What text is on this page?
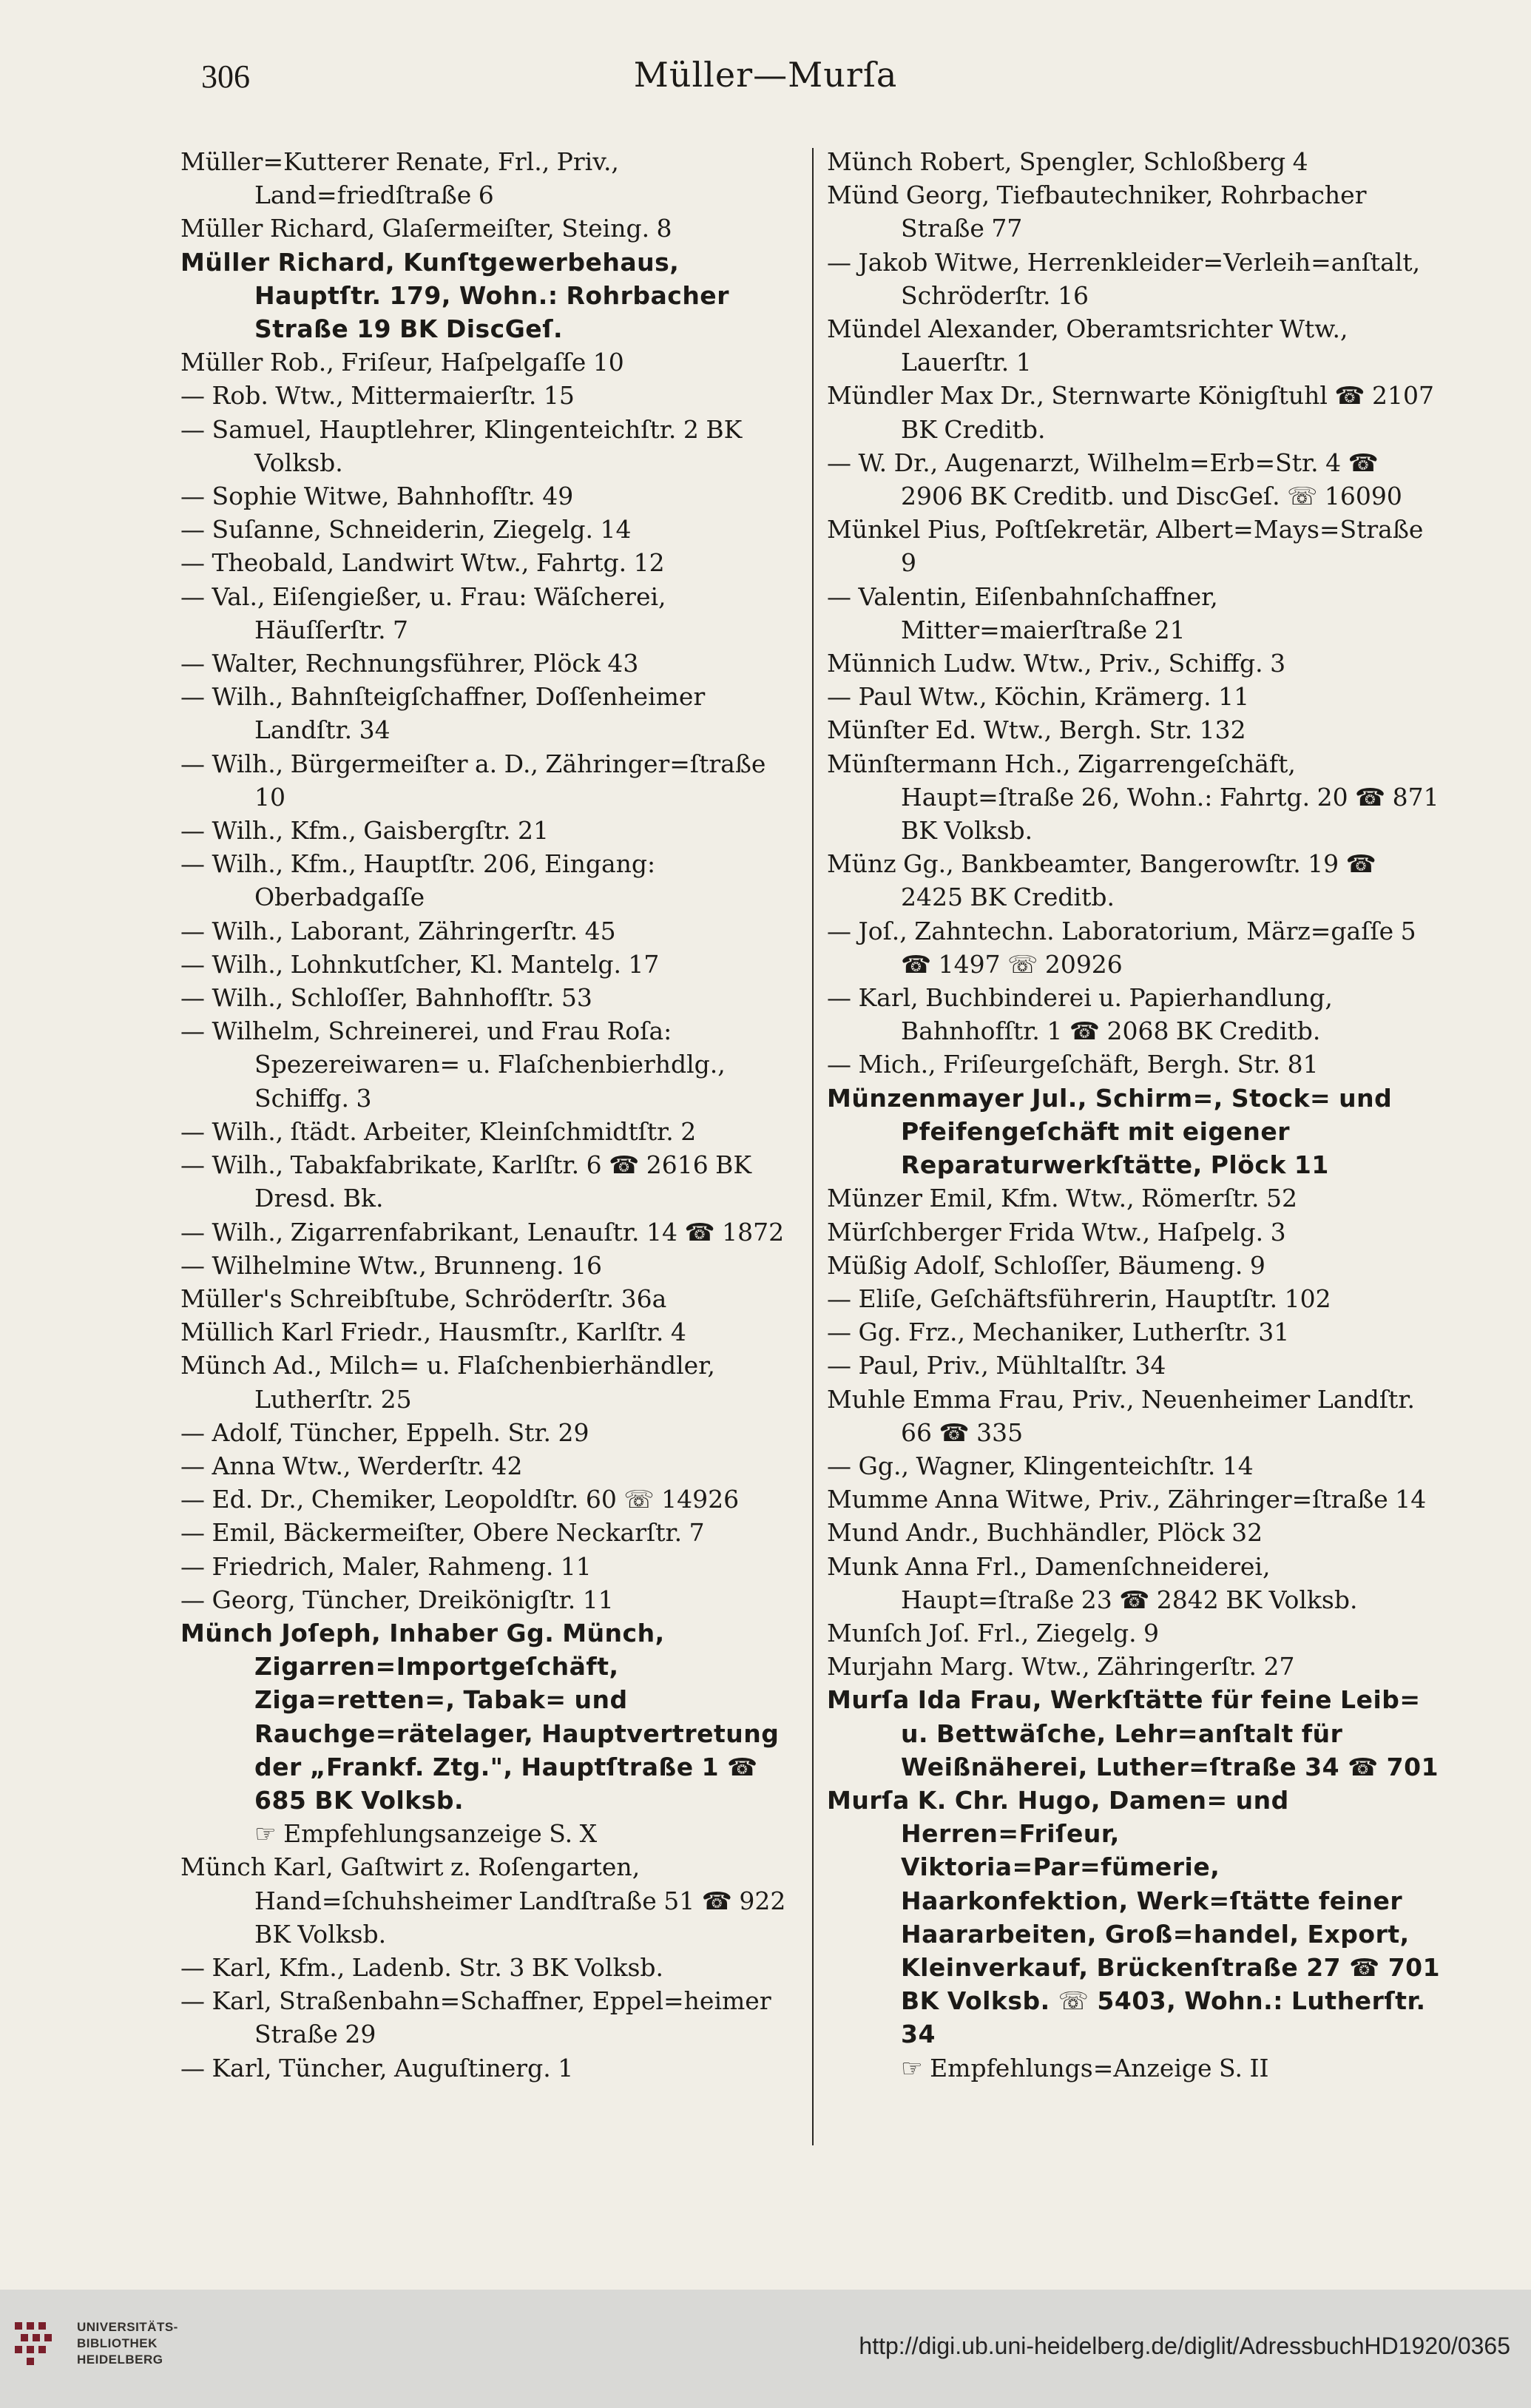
306	Müller—Murſa

Müller=Kutterer Renate, Frl., Priv., Land=friedſtraße 6

Müller Richard, Glaſermeiſter, Steing. 8

Müller Richard, Kunſtgewerbehaus, Hauptſtr. 179, Wohn.: Rohrbacher Straße 19 BK DiscGeſ.

Müller Rob., Friſeur, Haſpelgaſſe 10

— Rob. Wtw., Mittermaierſtr. 15

— Samuel, Hauptlehrer, Klingenteichſtr. 2 BK Volksb.

— Sophie Witwe, Bahnhofſtr. 49

— Suſanne, Schneiderin, Ziegelg. 14

— Theobald, Landwirt Wtw., Fahrtg. 12

— Val., Eiſengießer, u. Frau: Wäſcherei, Häuſſerſtr. 7

— Walter, Rechnungsführer, Plöck 43

— Wilh., Bahnſteigſchaffner, Doſſenheimer Landſtr. 34

— Wilh., Bürgermeiſter a. D., Zähringer=ſtraße 10

— Wilh., Kfm., Gaisbergſtr. 21

— Wilh., Kfm., Hauptſtr. 206, Eingang: Oberbadgaſſe

— Wilh., Laborant, Zähringerſtr. 45

— Wilh., Lohnkutſcher, Kl. Mantelg. 17

— Wilh., Schloſſer, Bahnhofſtr. 53

— Wilhelm, Schreinerei, und Frau Roſa: Spezereiwaren= u. Flaſchenbierhdlg., Schiffg. 3

— Wilh., ſtädt. Arbeiter, Kleinſchmidtſtr. 2

— Wilh., Tabakfabrikate, Karlſtr. 6 ☎ 2616 BK Dresd. Bk.

— Wilh., Zigarrenfabrikant, Lenauſtr. 14 ☎ 1872

— Wilhelmine Wtw., Brunneng. 16

Müller's Schreibſtube, Schröderſtr. 36a

Müllich Karl Friedr., Hausmſtr., Karlſtr. 4

Münch Ad., Milch= u. Flaſchenbierhändler, Lutherſtr. 25

— Adolf, Tüncher, Eppelh. Str. 29

— Anna Wtw., Werderſtr. 42

— Ed. Dr., Chemiker, Leopoldſtr. 60 ☏ 14926

— Emil, Bäckermeiſter, Obere Neckarſtr. 7

— Friedrich, Maler, Rahmeng. 11

— Georg, Tüncher, Dreikönigſtr. 11

Münch Joſeph, Inhaber Gg. Münch, Zigarren=Importgeſchäft, Ziga=retten=, Tabak= und Rauchge=rätelager, Hauptvertretung der „Frankf. Ztg.", Hauptſtraße 1 ☎ 685 BK Volksb.

☞ Empfehlungsanzeige S. X

Münch Karl, Gaſtwirt z. Roſengarten, Hand=ſchuhsheimer Landſtraße 51 ☎ 922 BK Volksb.

— Karl, Kfm., Ladenb. Str. 3 BK Volksb.

— Karl, Straßenbahn=Schaffner, Eppel=heimer Straße 29

— Karl, Tüncher, Auguſtinerg. 1

Münch Robert, Spengler, Schloßberg 4

Münd Georg, Tiefbautechniker, Rohrbacher Straße 77

— Jakob Witwe, Herrenkleider=Verleih=anſtalt, Schröderſtr. 16

Mündel Alexander, Oberamtsrichter Wtw., Lauerſtr. 1

Mündler Max Dr., Sternwarte Königſtuhl ☎ 2107 BK Creditb.

— W. Dr., Augenarzt, Wilhelm=Erb=Str. 4 ☎ 2906 BK Creditb. und DiscGeſ. ☏ 16090

Münkel Pius, Poſtſekretär, Albert=Mays=Straße 9

— Valentin, Eiſenbahnſchaffner, Mitter=maierſtraße 21

Münnich Ludw. Wtw., Priv., Schiffg. 3

— Paul Wtw., Köchin, Krämerg. 11

Münſter Ed. Wtw., Bergh. Str. 132

Münſtermann Hch., Zigarrengeſchäft, Haupt=ſtraße 26, Wohn.: Fahrtg. 20 ☎ 871 BK Volksb.

Münz Gg., Bankbeamter, Bangerowſtr. 19 ☎ 2425 BK Creditb.

— Joſ., Zahntechn. Laboratorium, März=gaſſe 5 ☎ 1497 ☏ 20926

— Karl, Buchbinderei u. Papierhandlung, Bahnhofſtr. 1 ☎ 2068 BK Creditb.

— Mich., Friſeurgeſchäft, Bergh. Str. 81

Münzenmayer Jul., Schirm=, Stock= und Pfeifengeſchäft mit eigener Reparaturwerkſtätte, Plöck 11

Münzer Emil, Kfm. Wtw., Römerſtr. 52

Mürſchberger Frida Wtw., Haſpelg. 3

Müßig Adolf, Schloſſer, Bäumeng. 9

— Eliſe, Geſchäftsführerin, Hauptſtr. 102

— Gg. Frz., Mechaniker, Lutherſtr. 31

— Paul, Priv., Mühltalſtr. 34

Muhle Emma Frau, Priv., Neuenheimer Landſtr. 66 ☎ 335

— Gg., Wagner, Klingenteichſtr. 14

Mumme Anna Witwe, Priv., Zähringer=ſtraße 14

Mund Andr., Buchhändler, Plöck 32

Munk Anna Frl., Damenſchneiderei, Haupt=ſtraße 23 ☎ 2842 BK Volksb.

Munſch Joſ. Frl., Ziegelg. 9

Murjahn Marg. Wtw., Zähringerſtr. 27

Murſa Ida Frau, Werkſtätte für feine Leib= u. Bettwäſche, Lehr=anſtalt für Weißnäherei, Luther=ſtraße 34 ☎ 701

Murſa K. Chr. Hugo, Damen= und Herren=Friſeur, Viktoria=Par=fümerie, Haarkonfektion, Werk=ſtätte feiner Haararbeiten, Groß=handel, Export, Kleinverkauf, Brückenſtraße 27 ☎ 701 BK Volksb. ☏ 5403, Wohn.: Lutherſtr. 34

☞ Empfehlungs=Anzeige S. II

UNIVERSITÄTS-
BIBLIOTHEK
HEIDELBERG
http://digi.ub.uni-heidelberg.de/diglit/AdressbuchHD1920/0365
